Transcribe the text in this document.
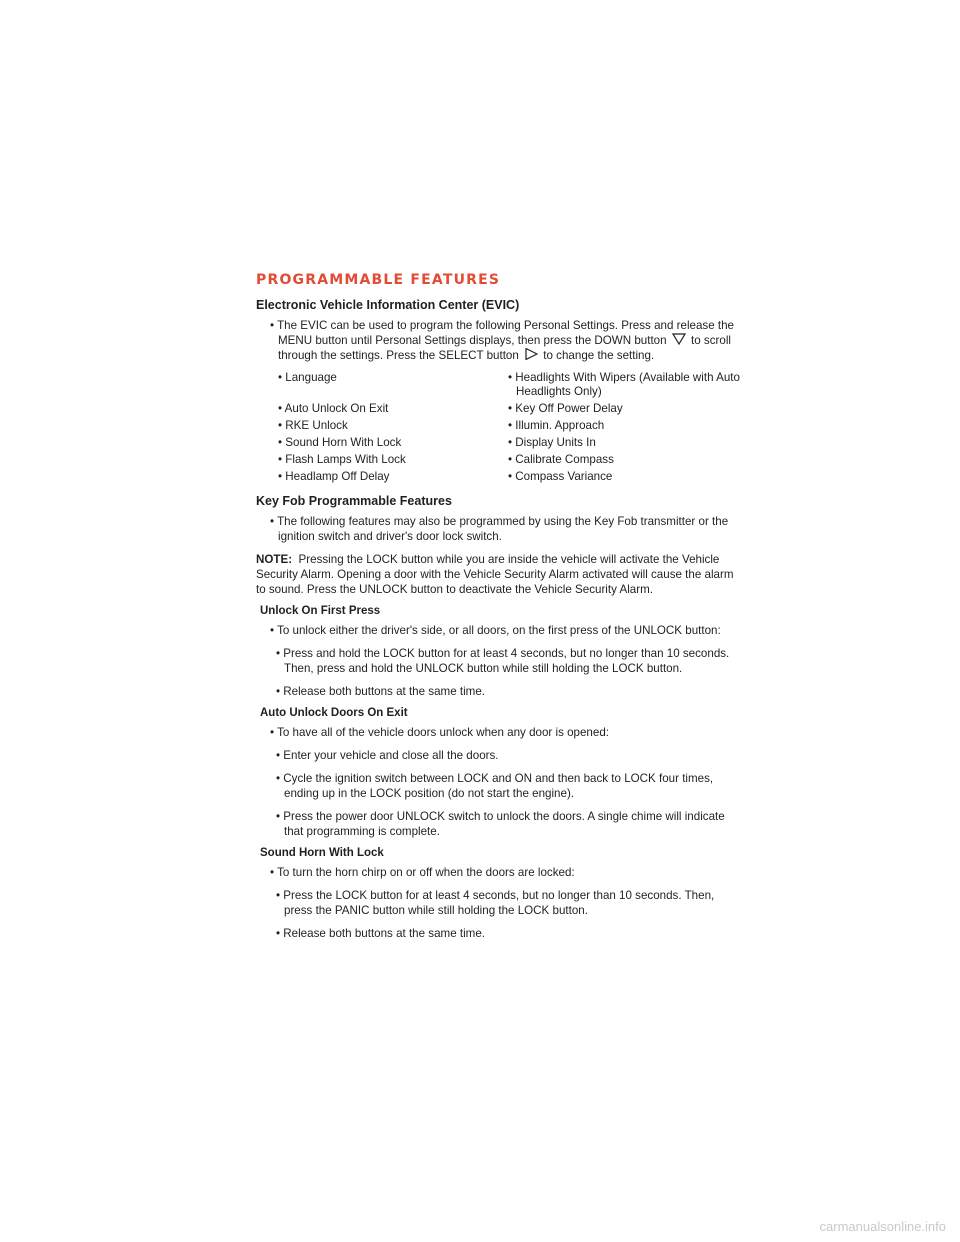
PROGRAMMABLE FEATURES
Electronic Vehicle Information Center (EVIC)
• The EVIC can be used to program the following Personal Settings. Press and release the MENU button until Personal Settings displays, then press the DOWN button to scroll through the settings. Press the SELECT button to change the setting.
• Language	• Headlights With Wipers (Available with Auto Headlights Only)
• Auto Unlock On Exit	• Key Off Power Delay
• RKE Unlock	• Illumin. Approach
• Sound Horn With Lock	• Display Units In
• Flash Lamps With Lock	• Calibrate Compass
• Headlamp Off Delay	• Compass Variance
Key Fob Programmable Features
• The following features may also be programmed by using the Key Fob transmitter or the ignition switch and driver's door lock switch.
NOTE: Pressing the LOCK button while you are inside the vehicle will activate the Vehicle Security Alarm. Opening a door with the Vehicle Security Alarm activated will cause the alarm to sound. Press the UNLOCK button to deactivate the Vehicle Security Alarm.
Unlock On First Press
• To unlock either the driver's side, or all doors, on the first press of the UNLOCK button:
• Press and hold the LOCK button for at least 4 seconds, but no longer than 10 seconds. Then, press and hold the UNLOCK button while still holding the LOCK button.
• Release both buttons at the same time.
Auto Unlock Doors On Exit
• To have all of the vehicle doors unlock when any door is opened:
• Enter your vehicle and close all the doors.
• Cycle the ignition switch between LOCK and ON and then back to LOCK four times, ending up in the LOCK position (do not start the engine).
• Press the power door UNLOCK switch to unlock the doors. A single chime will indicate that programming is complete.
Sound Horn With Lock
• To turn the horn chirp on or off when the doors are locked:
• Press the LOCK button for at least 4 seconds, but no longer than 10 seconds. Then, press the PANIC button while still holding the LOCK button.
• Release both buttons at the same time.
carmanualsonline.info
